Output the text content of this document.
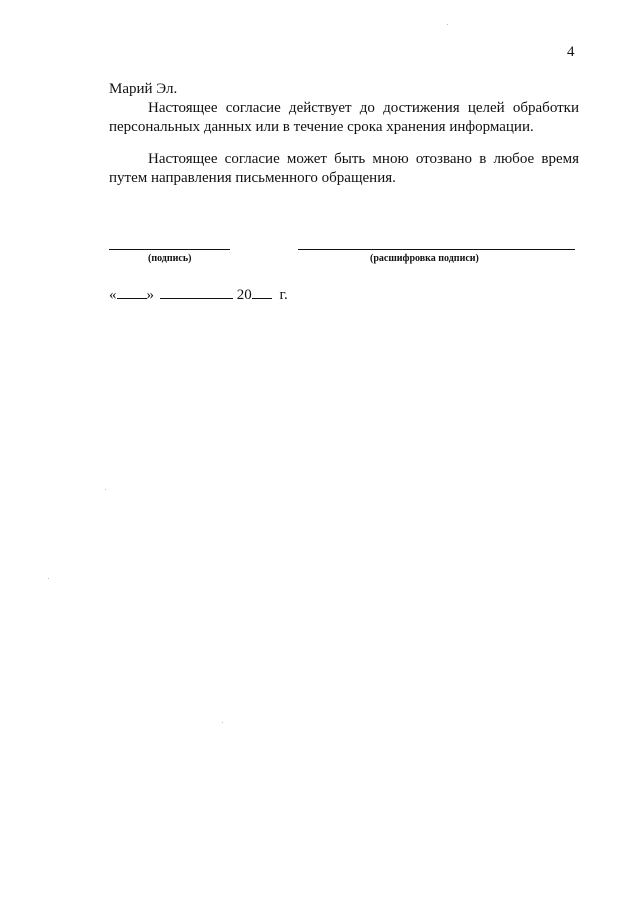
4
Марий Эл.
Настоящее согласие действует до достижения целей обработки
персональных данных или в течение срока хранения информации.
Настоящее согласие может быть мною отозвано в любое время
путем направления письменного обращения.
(подпись)	(расшифровка подписи)
« »	20 г.
